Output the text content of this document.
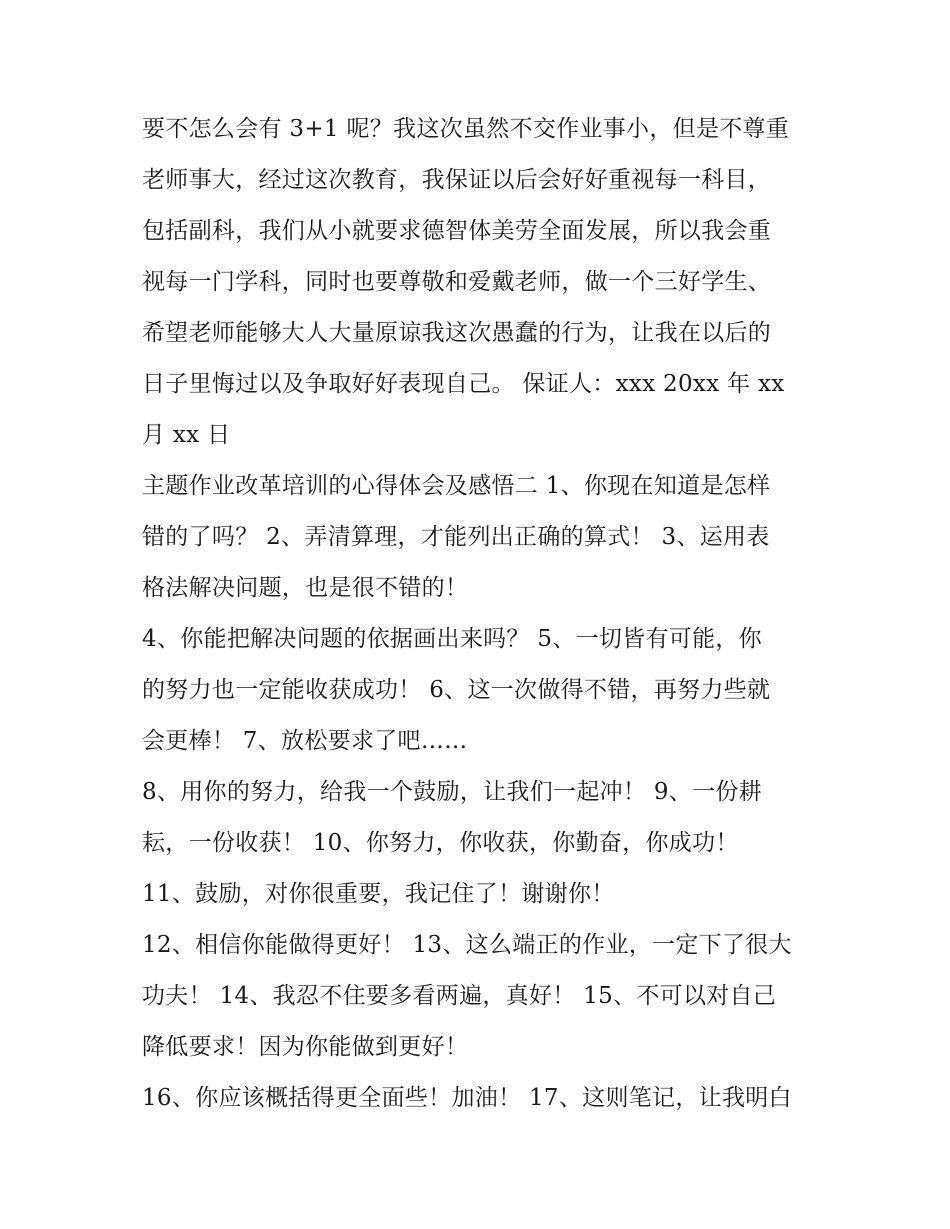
要不怎么会有 3+1 呢？我这次虽然不交作业事小，但是不尊重
老师事大，经过这次教育，我保证以后会好好重视每一科目，
包括副科，我们从小就要求德智体美劳全面发展，所以我会重
视每一门学科，同时也要尊敬和爱戴老师，做一个三好学生、
希望老师能够大人大量原谅我这次愚蠢的行为，让我在以后的
日子里悔过以及争取好好表现自己。 保证人：xxx 20xx 年 xx
月 xx 日
主题作业改革培训的心得体会及感悟二 1、你现在知道是怎样
错的了吗？ 2、弄清算理，才能列出正确的算式！ 3、运用表
格法解决问题，也是很不错的！
4、你能把解决问题的依据画出来吗？ 5、一切皆有可能，你
的努力也一定能收获成功！ 6、这一次做得不错，再努力些就
会更棒！ 7、放松要求了吧……
8、用你的努力，给我一个鼓励，让我们一起冲！ 9、一份耕
耘，一份收获！ 10、你努力，你收获，你勤奋，你成功！
11、鼓励，对你很重要，我记住了！谢谢你！
12、相信你能做得更好！ 13、这么端正的作业，一定下了很大
功夫！ 14、我忍不住要多看两遍，真好！ 15、不可以对自己
降低要求！因为你能做到更好！
16、你应该概括得更全面些！加油！ 17、这则笔记，让我明白
